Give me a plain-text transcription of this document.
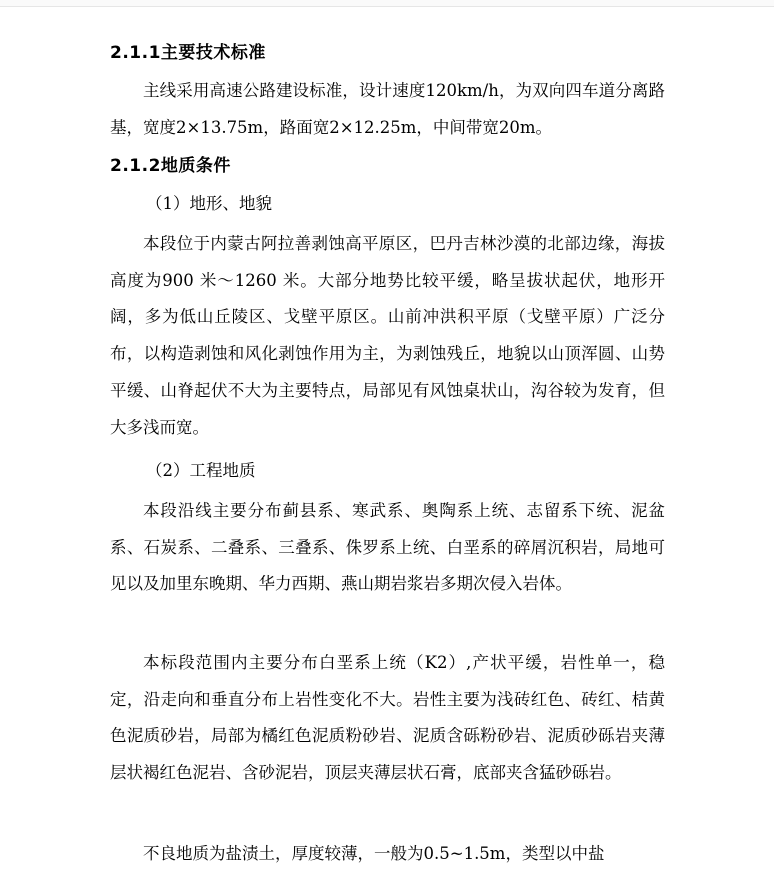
2.1.1主要技术标准

主线采用高速公路建设标准，设计速度120km/h，为双向四车道分离路基，宽度2×13.75m，路面宽2×12.25m，中间带宽20m。

2.1.2地质条件
（1）地形、地貌

本段位于内蒙古阿拉善剥蚀高平原区，巴丹吉林沙漠的北部边缘，海拔高度为900 米～1260 米。大部分地势比较平缓，略呈拔状起伏，地形开阔，多为低山丘陵区、戈壁平原区。山前冲洪积平原（戈壁平原）广泛分布，以构造剥蚀和风化剥蚀作用为主，为剥蚀残丘，地貌以山顶浑圆、山势平缓、山脊起伏不大为主要特点，局部见有风蚀桌状山，沟谷较为发育，但大多浅而宽。

（2）工程地质

本段沿线主要分布蓟县系、寒武系、奥陶系上统、志留系下统、泥盆系、石炭系、二叠系、三叠系、侏罗系上统、白垩系的碎屑沉积岩，局地可见以及加里东晚期、华力西期、燕山期岩浆岩多期次侵入岩体。

本标段范围内主要分布白垩系上统（K2）,产状平缓，岩性单一，稳定，沿走向和垂直分布上岩性变化不大。岩性主要为浅砖红色、砖红、桔黄色泥质砂岩，局部为橘红色泥质粉砂岩、泥质含砾粉砂岩、泥质砂砾岩夹薄层状褐红色泥岩、含砂泥岩，顶层夹薄层状石膏，底部夹含猛砂砾岩。

不良地质为盐渍土，厚度较薄，一般为0.5~1.5m，类型以中盐
